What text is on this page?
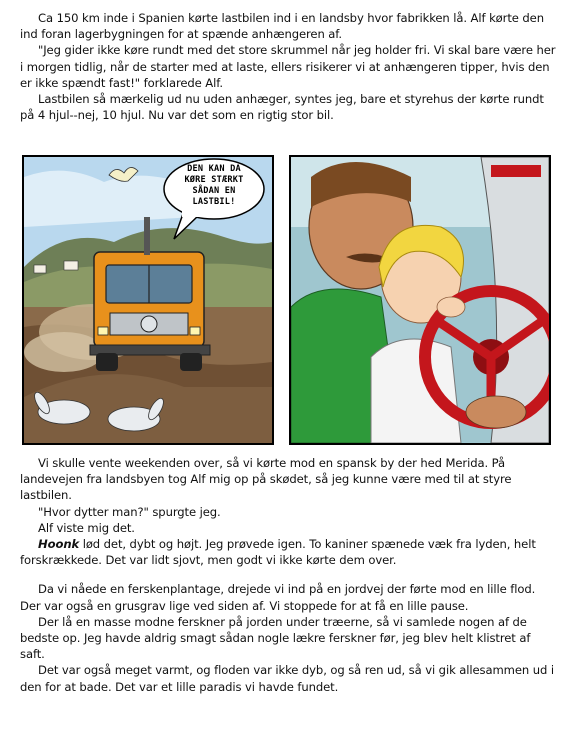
Ca 150 km inde i Spanien kørte lastbilen ind i en landsby hvor fabrikken lå. Alf kørte den ind foran lagerbygningen for at spænde anhængeren af.

"Jeg gider ikke køre rundt med det store skrummel når jeg holder fri. Vi skal bare være her i morgen tidlig, når de starter med at laste, ellers risikerer vi at anhængeren tipper, hvis den er ikke spændt fast!" forklarede Alf.

Lastbilen så mærkelig ud nu uden anhæger, syntes jeg, bare et styrehus der kørte rundt på 4 hjul--nej, 10 hjul. Nu var det som en rigtig stor bil.

DEN KAN DA
KØRE STÆRKT
SÅDAN EN
LASTBIL!

Vi skulle vente weekenden over, så vi kørte mod en spansk by der hed Merida. På landevejen fra landsbyen tog Alf mig op på skødet, så jeg kunne være med til at styre lastbilen.

"Hvor dytter man?" spurgte jeg.

Alf viste mig det.

Hoonk lød det, dybt og højt. Jeg prøvede igen. To kaniner spænede væk fra lyden, helt forskrækkede. Det var lidt sjovt, men godt vi ikke kørte dem over.

Da vi nåede en ferskenplantage, drejede vi ind på en jordvej der førte mod en lille flod. Der var også en grusgrav lige ved siden af. Vi stoppede for at få en lille pause.

Der lå en masse modne ferskner på jorden under træerne, så vi samlede nogen af de bedste op. Jeg havde aldrig smagt sådan nogle lækre ferskner før, jeg blev helt klistret af saft.

Det var også meget varmt, og floden var ikke dyb, og så ren ud, så vi gik allesammen ud i den for at bade. Det var et lille paradis vi havde fundet.
